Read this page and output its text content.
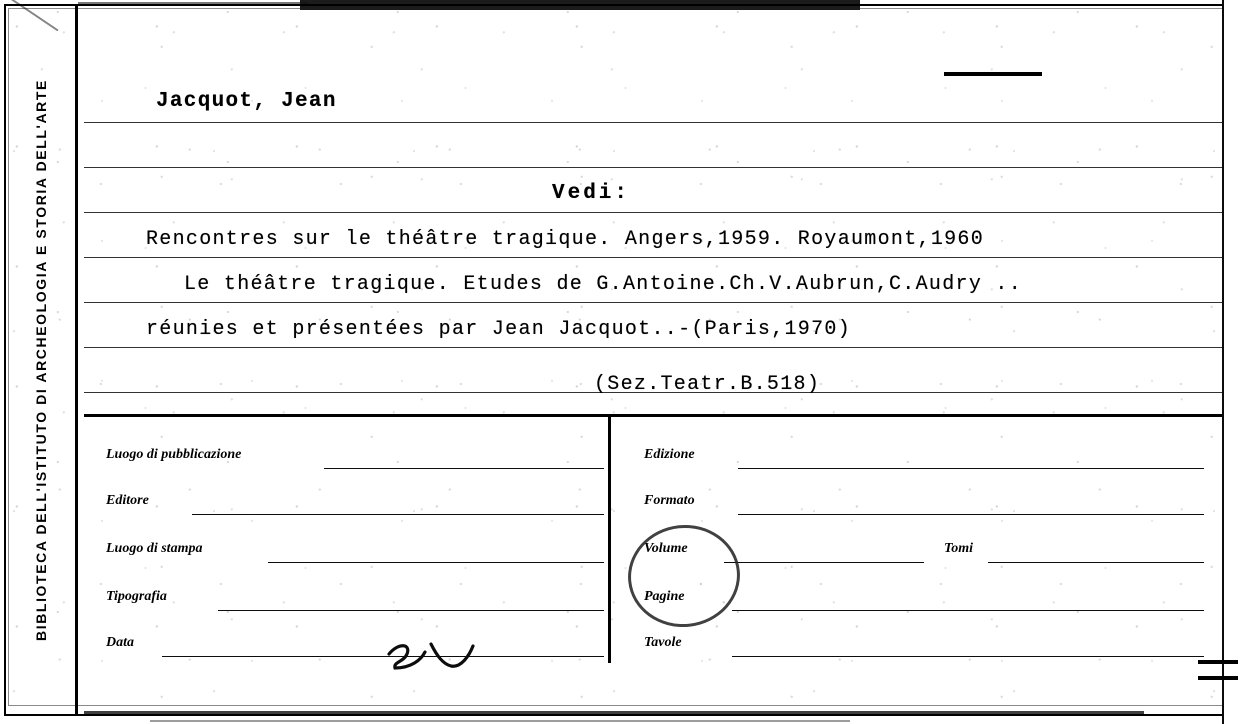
BIBLIOTECA DELL'ISTITUTO DI ARCHEOLOGIA E STORIA DELL'ARTE	Jacquot, Jean
Vedi:
Rencontres sur le théâtre tragique. Angers,1959. Royaumont,1960
Le théâtre tragique. Etudes de G.Antoine.Ch.V.Aubrun,C.Audry ..
réunies et présentées par Jean Jacquot..-(Paris,1970)
(Sez.Teatr.B.518)
Luogo di pubblicazione
Editore
Luogo di stampa
Tipografia
Data
Edizione
Formato
Volume	Tomi
Pagine
Tavole
